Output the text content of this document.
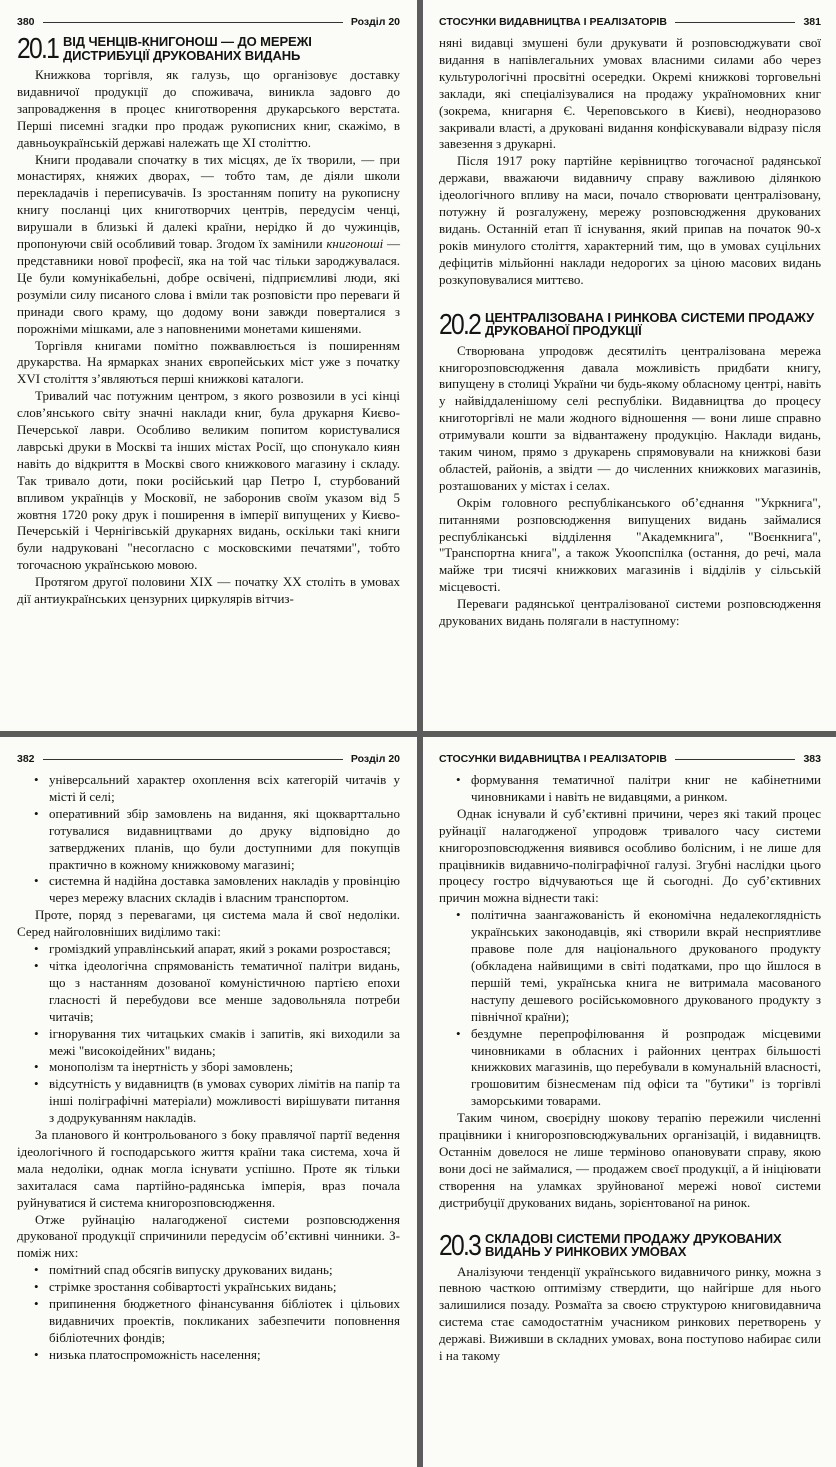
380	Розділ 20
20.1 ВІД ЧЕНЦІВ-КНИГОНОШ — ДО МЕРЕЖІ ДИСТРИБУЦІЇ ДРУКОВАНИХ ВИДАНЬ

Книжкова торгівля, як галузь, що організовує доставку видавничої продукції до споживача, виникла задовго до запровадження в процес книготворення друкарського верстата. Перші писемні згадки про продаж рукописних книг, скажімо, в давньоукраїнській державі належать ще XI століттю.

Книги продавали спочатку в тих місцях, де їх творили, — при монастирях, княжих дворах, — тобто там, де діяли школи перекладачів і переписувачів. Із зростанням попиту на рукописну книгу посланці цих книготворчих центрів, передусім ченці, вирушали в близькі й далекі країни, нерідко й до чужинців, пропонуючи свій особливий товар. Згодом їх замінили книгоноші — представники нової професії, яка на той час тільки зароджувалася. Це були комунікабельні, добре освічені, підприємливі люди, які розуміли силу писаного слова і вміли так розповісти про переваги й принади свого краму, що додому вони завжди поверталися з порожніми мішками, але з наповненими монетами кишенями.

Торгівля книгами помітно пожвавлюється із поширенням друкарства. На ярмарках знаних європейських міст уже з початку XVI століття з’являються перші книжкові каталоги.

Тривалий час потужним центром, з якого розвозили в усі кінці слов’янського світу значні наклади книг, була друкарня Києво-Печерської лаври. Особливо великим попитом користувалися лаврські друки в Москві та інших містах Росії, що спонукало киян навіть до відкриття в Москві свого книжкового магазину і складу. Так тривало доти, поки російський цар Петро І, стурбований впливом українців у Московії, не заборонив своїм указом від 5 жовтня 1720 року друк і поширення в імперії випущених у Києво-Печерській і Чернігівській друкарнях видань, оскільки такі книги були надруковані "несогласно с московскими печатями", тобто тогочасною українською мовою.

Протягом другої половини XIX — початку XX століть в умовах дії антиукраїнських цензурних циркулярів вітчиз-

СТОСУНКИ ВИДАВНИЦТВА І РЕАЛІЗАТОРІВ	381

няні видавці змушені були друкувати й розповсюджувати свої видання в напівлегальних умовах власними силами або через культурологічні просвітні осередки. Окремі книжкові торговельні заклади, які спеціалізувалися на продажу україномовних книг (зокрема, книгарня Є. Череповського в Києві), неодноразово закривали власті, а друковані видання конфіскувавали відразу після завезення з друкарні.

Після 1917 року партійне керівництво тогочасної радянської держави, вважаючи видавничу справу важливою ділянкою ідеологічного впливу на маси, почало створювати централізовану, потужну й розгалужену, мережу розповсюдження друкованих видань. Останній етап її існування, який припав на початок 90-х років минулого століття, характерний тим, що в умовах суцільних дефіцитів мільйонні наклади недорогих за ціною масових видань розкуповувалися миттєво.

20.2 ЦЕНТРАЛІЗОВАНА І РИНКОВА СИСТЕМИ ПРОДАЖУ ДРУКОВАНОЇ ПРОДУКЦІЇ

Створювана упродовж десятиліть централізована мережа книгорозповсюдження давала можливість придбати книгу, випущену в столиці України чи будь-якому обласному центрі, навіть у найвіддаленішому селі республіки. Видавництва до процесу книготоргівлі не мали жодного відношення — вони лише справно отримували кошти за відвантажену продукцію. Наклади видань, таким чином, прямо з друкарень спрямовували на книжкові бази областей, районів, а звідти — до численних книжкових магазинів, розташованих у містах і селах.

Окрім головного республіканського об’єднання "Укркнига", питаннями розповсюдження випущених видань займалися республіканські відділення "Академкнига", "Воєнкнига", "Транспортна книга", а також Укоопспілка (остання, до речі, мала майже три тисячі книжкових магазинів і відділів у сільській місцевості.

Переваги радянської централізованої системи розповсюдження друкованих видань полягали в наступному:

382	Розділ 20
• універсальний характер охоплення всіх категорій читачів у місті й селі;
• оперативний збір замовлень на видання, які щокварттально готувалися видавництвами до друку відповідно до затверджених планів, що були доступними для покупців практично в кожному книжковому магазині;
• системна й надійна доставка замовлених накладів у провінцію через мережу власних складів і власним транспортом.

Проте, поряд з перевагами, ця система мала й свої недоліки. Серед найголовніших виділимо такі:

• громіздкий управлінський апарат, який з роками розростався;
• чітка ідеологічна спрямованість тематичної палітри видань, що з настанням дозованої комуністичною партією епохи гласності й перебудови все менше задовольняла потреби читачів;
• ігнорування тих читацьких смаків і запитів, які виходили за межі "високоідейних" видань;
• монополізм та інертність у зборі замовлень;
• відсутність у видавництв (в умовах суворих лімітів на папір та інші поліграфічні матеріали) можливості вирішувати питання з додрукуванням накладів.

За планового й контрольованого з боку правлячої партії ведення ідеологічного й господарського життя країни така система, хоча й мала недоліки, однак могла існувати успішно. Проте як тільки захиталася сама партійно-радянська імперія, враз почала руйнуватися й система книгорозповсюдження.

Отже руйнацію налагодженої системи розповсюдження друкованої продукції спричинили передусім об’єктивні чинники. З-поміж них:

• помітний спад обсягів випуску друкованих видань;
• стрімке зростання собівартості українських видань;
• припинення бюджетного фінансування бібліотек і цільових видавничих проектів, покликаних забезпечити поповнення бібліотечних фондів;
• низька платоспроможність населення;
СТОСУНКИ ВИДАВНИЦТВА І РЕАЛІЗАТОРІВ	383
• формування тематичної палітри книг не кабінетними чиновниками і навіть не видавцями, а ринком.

Однак існували й суб’єктивні причини, через які такий процес руйнації налагодженої упродовж тривалого часу системи книгорозповсюдження виявився особливо болісним, і не лише для працівників видавничо-поліграфічної галузі. Згубні наслідки цього процесу гостро відчуваються ще й сьогодні. До суб’єктивних причин можна віднести такі:

• політична заангажованість й економічна недалекоглядність українських законодавців, які створили вкрай несприятливе правове поле для національного друкованого продукту (обкладена найвищими в світі податками, про що йшлося в першій темі, українська книга не витримала масованого наступу дешевого російськомовного друкованого продукту з північної країни);
• бездумне перепрофілювання й розпродаж місцевими чиновниками в обласних і районних центрах більшості книжкових магазинів, що перебували в комунальній власності, грошовитим бізнесменам під офіси та "бутики" із торгівлі заморськими товарами.

Таким чином, своєрідну шокову терапію пережили численні працівники і книгорозповсюджувальних організацій, і видавництв. Останнім довелося не лише терміново опановувати справу, якою вони досі не займалися, — продажем своєї продукції, а й ініціювати створення на уламках зруйнованої мережі нової системи дистрибуції друкованих видань, зорієнтованої на ринок.

20.3 СКЛАДОВІ СИСТЕМИ ПРОДАЖУ ДРУКОВАНИХ ВИДАНЬ У РИНКОВИХ УМОВАХ

Аналізуючи тенденції українського видавничого ринку, можна з певною часткою оптимізму ствердити, що найгірше для нього залишилися позаду. Розмаїта за своєю структурою книговидавнича система стає самодостатнім учасником ринкових перетворень у державі. Виживши в складних умовах, вона поступово набирає сили і на такому
